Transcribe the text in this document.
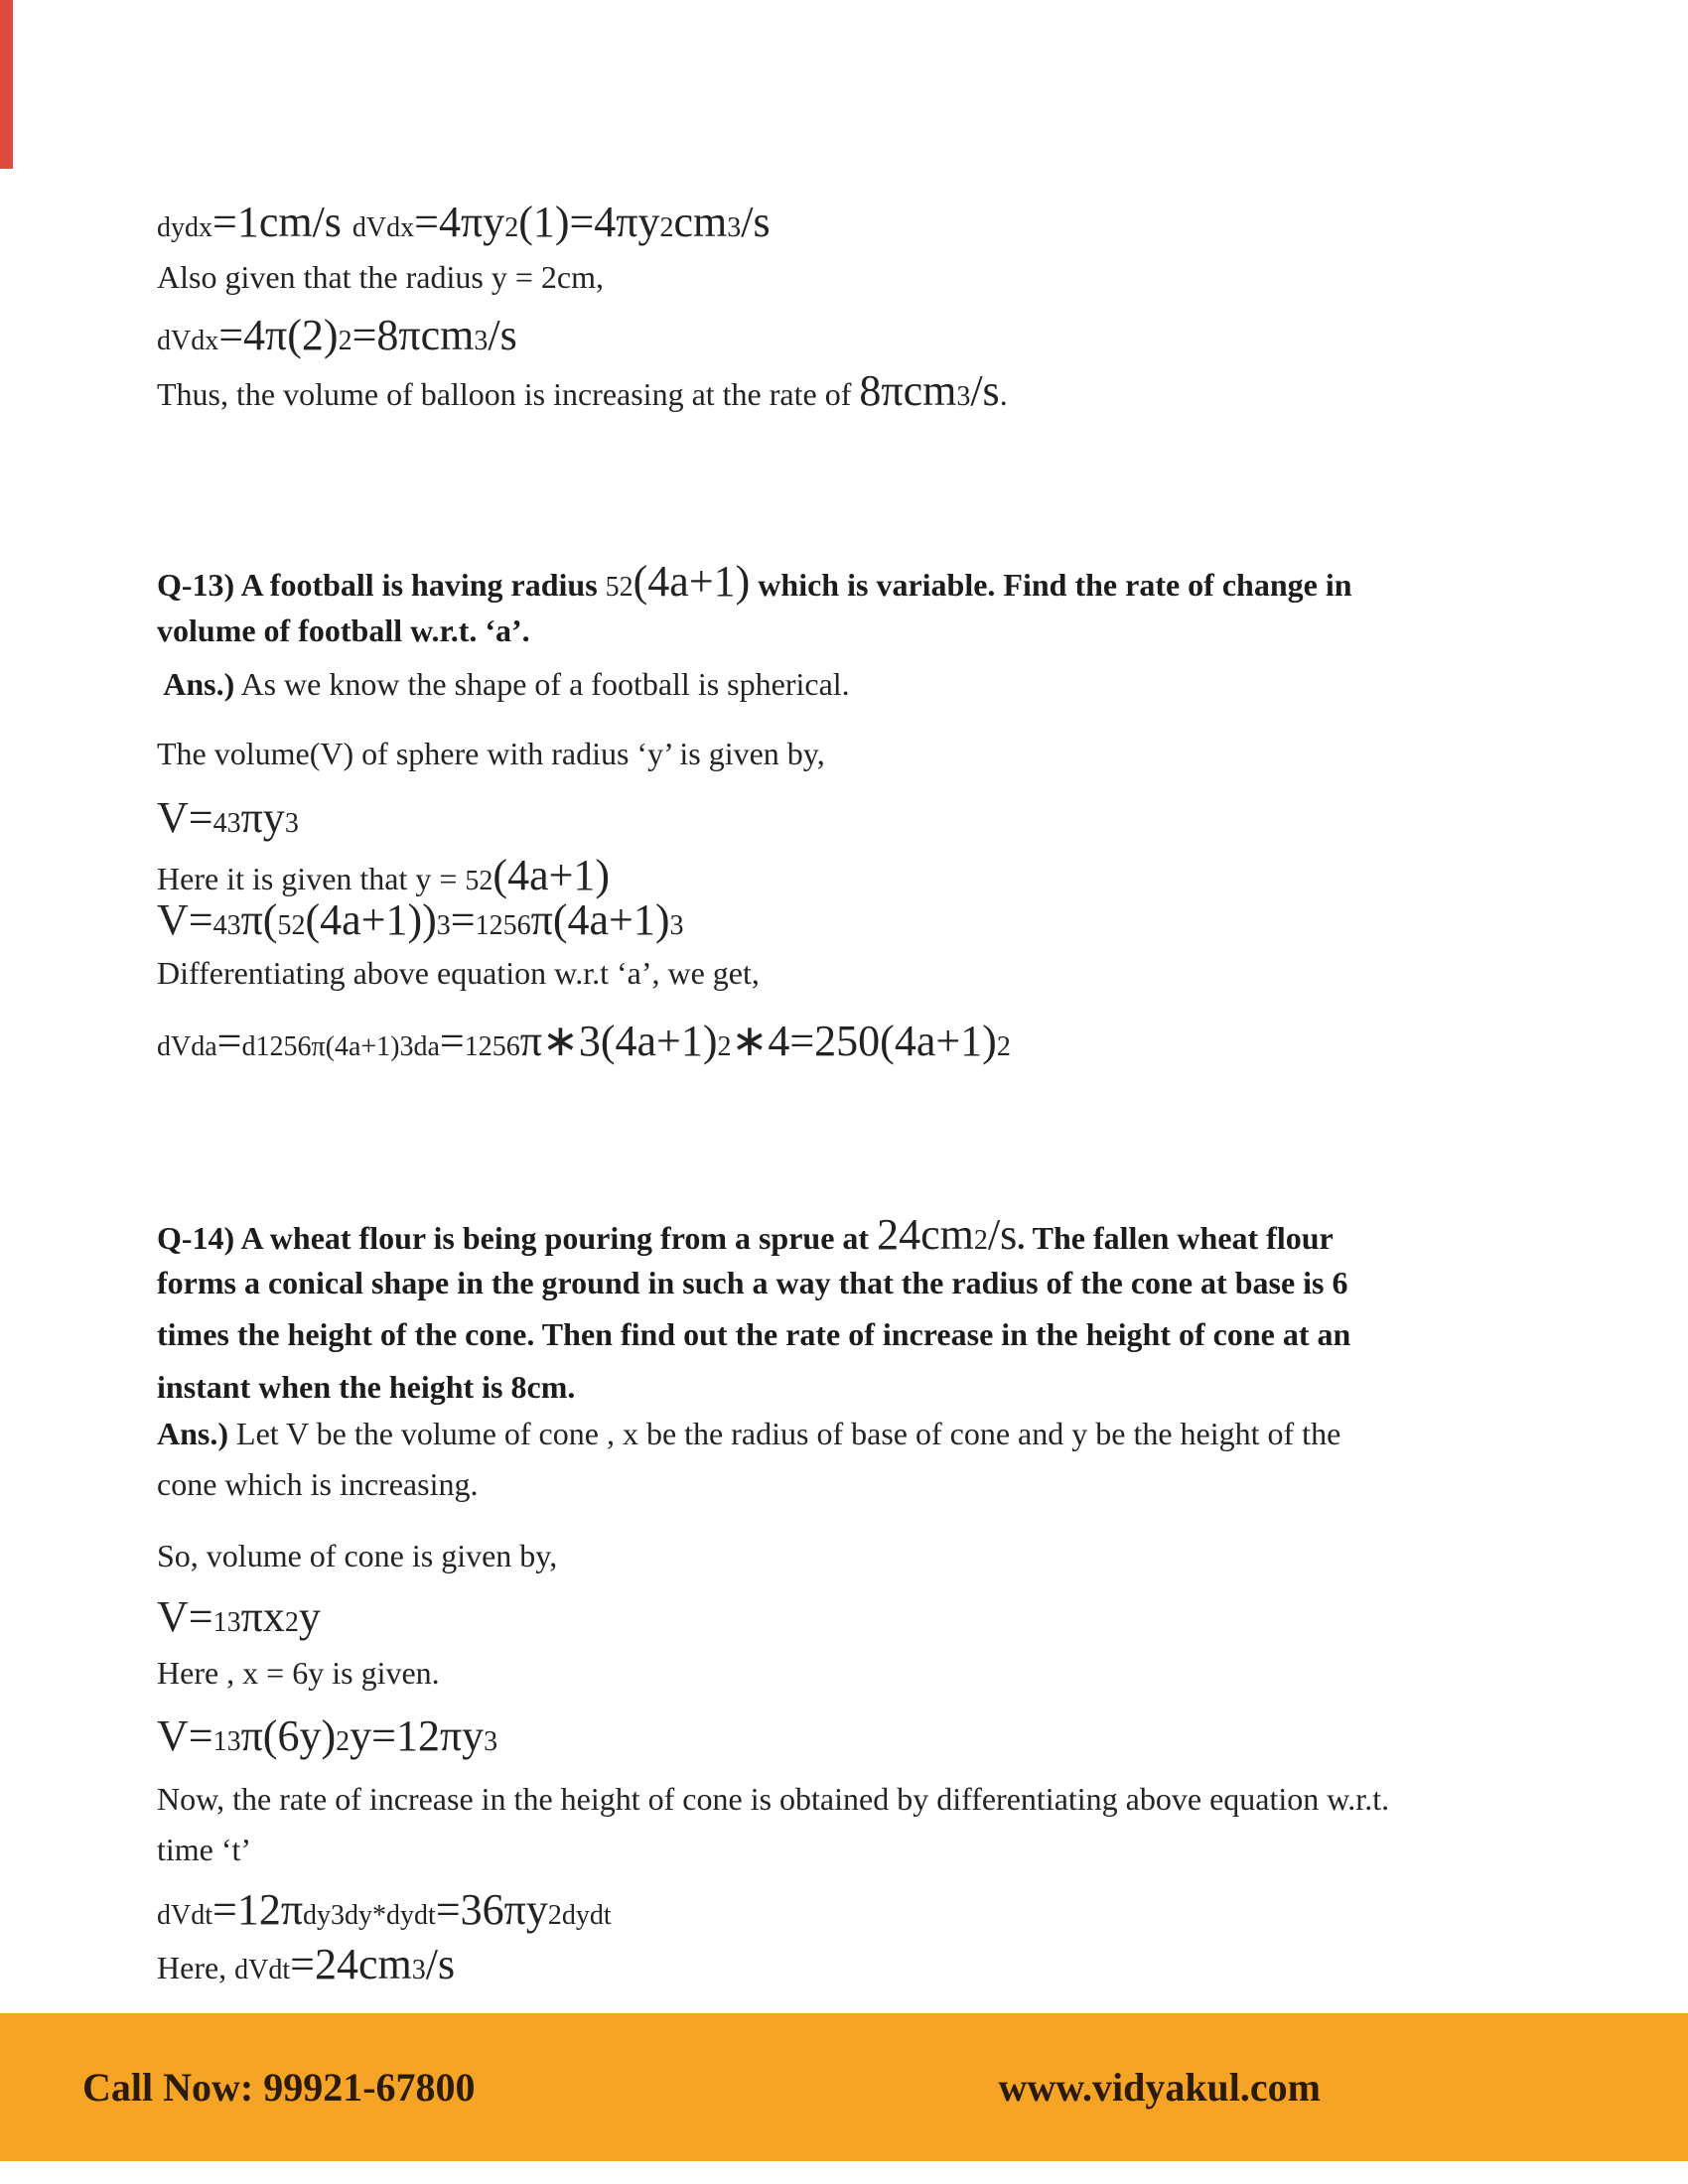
dydx=1cm/s dVdx=4πy2(1)=4πy2cm3/s
Also given that the radius y = 2cm,
dVdx=4π(2)2=8πcm3/s
Thus, the volume of balloon is increasing at the rate of 8πcm3/s.
Q-13) A football is having radius 52(4a+1) which is variable. Find the rate of change in
volume of football w.r.t. ‘a’.
Ans.) As we know the shape of a football is spherical.
The volume(V) of sphere with radius ‘y’ is given by,
V=43πy3
Here it is given that y = 52(4a+1)
V=43π(52(4a+1))3=1256π(4a+1)3
Differentiating above equation w.r.t ‘a’, we get,
dVda=d1256π(4a+1)3da=1256π∗3(4a+1)2∗4=250(4a+1)2
Q-14) A wheat flour is being pouring from a sprue at 24cm2/s. The fallen wheat flour
forms a conical shape in the ground in such a way that the radius of the cone at base is 6
times the height of the cone. Then find out the rate of increase in the height of cone at an
instant when the height is 8cm.
Ans.) Let V be the volume of cone , x be the radius of base of cone and y be the height of the
cone which is increasing.
So, volume of cone is given by,
V=13πx2y
Here , x = 6y is given.
V=13π(6y)2y=12πy3
Now, the rate of increase in the height of cone is obtained by differentiating above equation w.r.t.
time ‘t’
dVdt=12πdy3dy*dydt=36πy2dydt
Here, dVdt=24cm3/s
Call Now: 99921-67800	www.vidyakul.com
